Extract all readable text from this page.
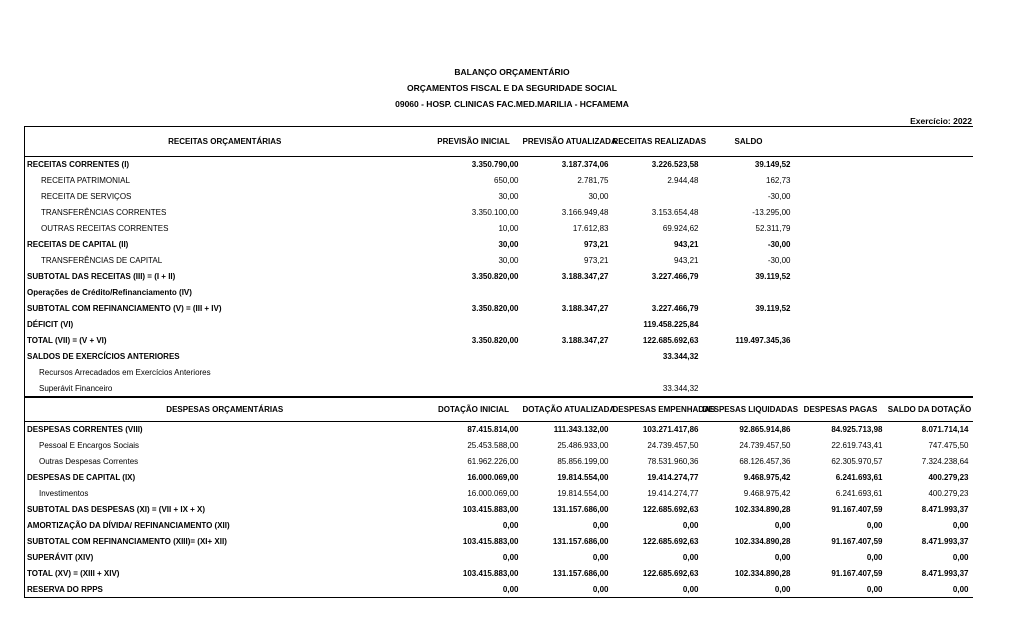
BALANÇO ORÇAMENTÁRIO
ORÇAMENTOS FISCAL E DA SEGURIDADE SOCIAL
09060 - HOSP. CLINICAS FAC.MED.MARILIA - HCFAMEMA
Exercício: 2022
RECEITAS ORÇAMENTÁRIAS	PREVISÃO INICIAL	PREVISÃO ATUALIZADA	RECEITAS REALIZADAS	SALDO	
RECEITAS CORRENTES (I)	3.350.790,00	3.187.374,06	3.226.523,58	39.149,52	
RECEITA PATRIMONIAL	650,00	2.781,75	2.944,48	162,73	
RECEITA DE SERVIÇOS	30,00	30,00		-30,00	
TRANSFERÊNCIAS CORRENTES	3.350.100,00	3.166.949,48	3.153.654,48	-13.295,00	
OUTRAS RECEITAS CORRENTES	10,00	17.612,83	69.924,62	52.311,79	
RECEITAS DE CAPITAL (II)	30,00	973,21	943,21	-30,00	
TRANSFERÊNCIAS DE CAPITAL	30,00	973,21	943,21	-30,00	
SUBTOTAL DAS RECEITAS (III) = (I + II)	3.350.820,00	3.188.347,27	3.227.466,79	39.119,52	
Operações de Crédito/Refinanciamento (IV)					
SUBTOTAL COM REFINANCIAMENTO (V) = (III + IV)	3.350.820,00	3.188.347,27	3.227.466,79	39.119,52	
DÉFICIT (VI)			119.458.225,84		
TOTAL (VII) = (V + VI)	3.350.820,00	3.188.347,27	122.685.692,63	119.497.345,36	
SALDOS DE EXERCÍCIOS ANTERIORES			33.344,32		
Recursos Arrecadados em Exercícios Anteriores					
Superávit Financeiro			33.344,32		
DESPESAS ORÇAMENTÁRIAS	DOTAÇÃO INICIAL	DOTAÇÃO ATUALIZADA	DESPESAS EMPENHADAS	DESPESAS LIQUIDADAS	DESPESAS PAGAS	SALDO DA DOTAÇÃO
DESPESAS CORRENTES (VIII)	87.415.814,00	111.343.132,00	103.271.417,86	92.865.914,86	84.925.713,98	8.071.714,14
Pessoal E Encargos Sociais	25.453.588,00	25.486.933,00	24.739.457,50	24.739.457,50	22.619.743,41	747.475,50
Outras Despesas Correntes	61.962.226,00	85.856.199,00	78.531.960,36	68.126.457,36	62.305.970,57	7.324.238,64
DESPESAS DE CAPITAL (IX)	16.000.069,00	19.814.554,00	19.414.274,77	9.468.975,42	6.241.693,61	400.279,23
Investimentos	16.000.069,00	19.814.554,00	19.414.274,77	9.468.975,42	6.241.693,61	400.279,23
SUBTOTAL DAS DESPESAS (XI) = (VII + IX + X)	103.415.883,00	131.157.686,00	122.685.692,63	102.334.890,28	91.167.407,59	8.471.993,37
AMORTIZAÇÃO DA DÍVIDA/ REFINANCIAMENTO (XII)	0,00	0,00	0,00	0,00	0,00	0,00
SUBTOTAL COM REFINANCIAMENTO (XIII)= (XI+ XII)	103.415.883,00	131.157.686,00	122.685.692,63	102.334.890,28	91.167.407,59	8.471.993,37
SUPERÁVIT (XIV)	0,00	0,00	0,00	0,00	0,00	0,00
TOTAL (XV) = (XIII + XIV)	103.415.883,00	131.157.686,00	122.685.692,63	102.334.890,28	91.167.407,59	8.471.993,37
RESERVA DO RPPS	0,00	0,00	0,00	0,00	0,00	0,00
